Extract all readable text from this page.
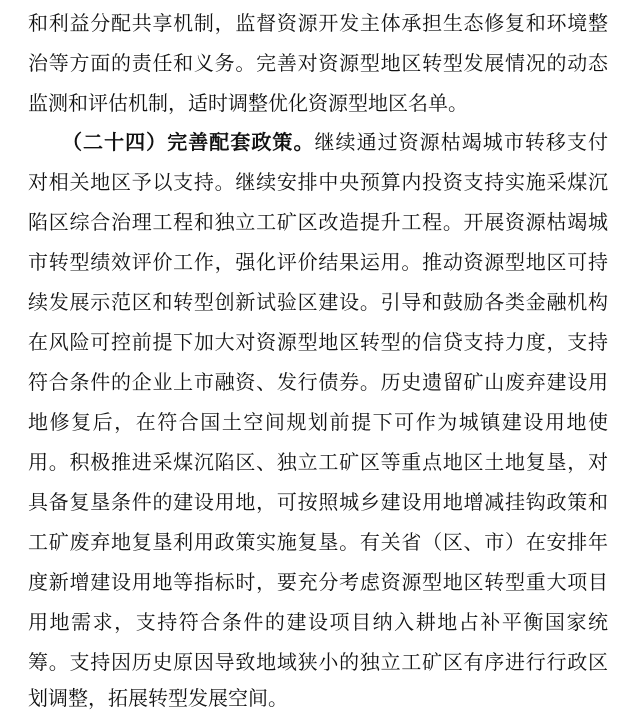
和利益分配共享机制，监督资源开发主体承担生态修复和环境整
治等方面的责任和义务。完善对资源型地区转型发展情况的动态
监测和评估机制，适时调整优化资源型地区名单。
（二十四）完善配套政策。继续通过资源枯竭城市转移支付
对相关地区予以支持。继续安排中央预算内投资支持实施采煤沉
陷区综合治理工程和独立工矿区改造提升工程。开展资源枯竭城
市转型绩效评价工作，强化评价结果运用。推动资源型地区可持
续发展示范区和转型创新试验区建设。引导和鼓励各类金融机构
在风险可控前提下加大对资源型地区转型的信贷支持力度，支持
符合条件的企业上市融资、发行债券。历史遗留矿山废弃建设用
地修复后，在符合国土空间规划前提下可作为城镇建设用地使
用。积极推进采煤沉陷区、独立工矿区等重点地区土地复垦，对
具备复垦条件的建设用地，可按照城乡建设用地增减挂钩政策和
工矿废弃地复垦利用政策实施复垦。有关省（区、市）在安排年
度新增建设用地等指标时，要充分考虑资源型地区转型重大项目
用地需求，支持符合条件的建设项目纳入耕地占补平衡国家统
筹。支持因历史原因导致地域狭小的独立工矿区有序进行行政区
划调整，拓展转型发展空间。
